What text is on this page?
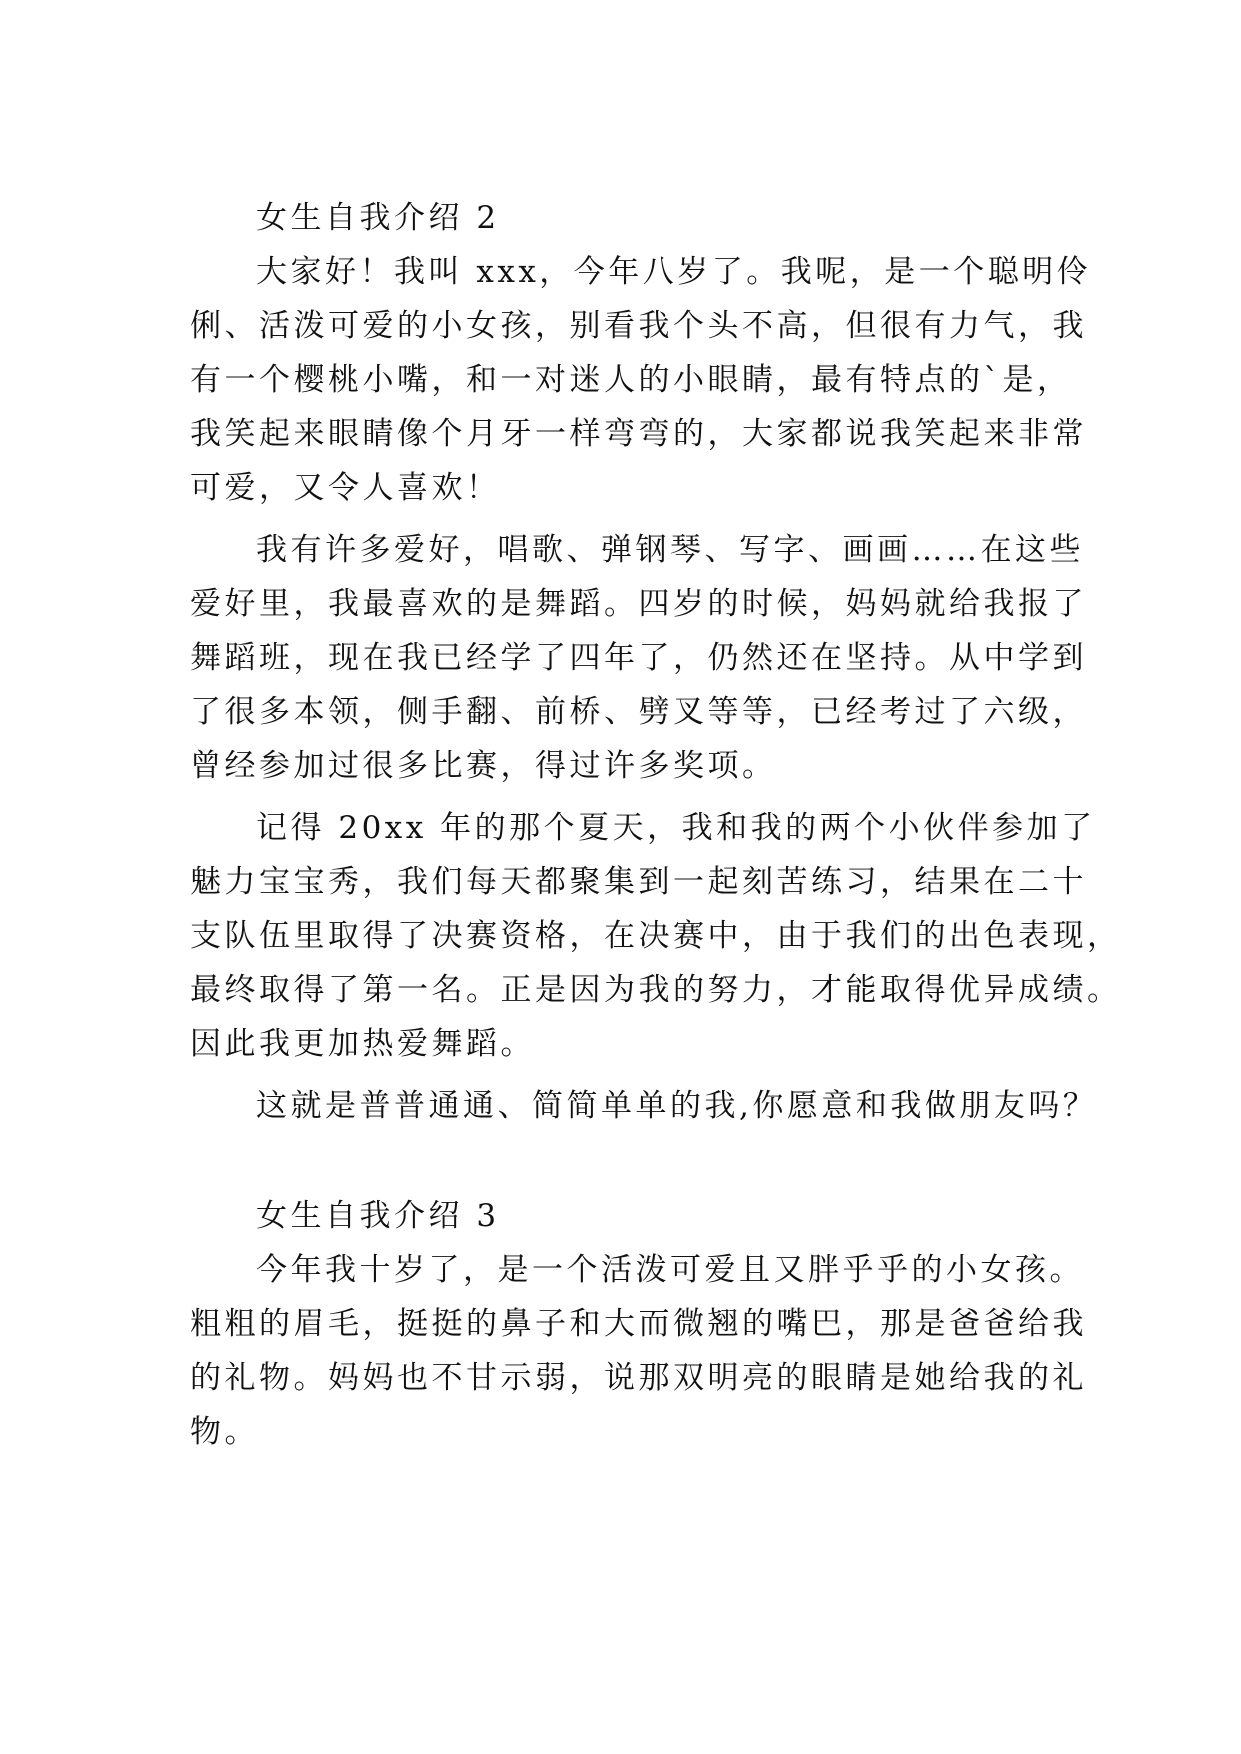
女生自我介绍 2
大家好！我叫 xxx，今年八岁了。我呢，是一个聪明伶
俐、活泼可爱的小女孩，别看我个头不高，但很有力气，我
有一个樱桃小嘴，和一对迷人的小眼睛，最有特点的`是，
我笑起来眼睛像个月牙一样弯弯的，大家都说我笑起来非常
可爱，又令人喜欢！
我有许多爱好，唱歌、弹钢琴、写字、画画……在这些
爱好里，我最喜欢的是舞蹈。四岁的时候，妈妈就给我报了
舞蹈班，现在我已经学了四年了，仍然还在坚持。从中学到
了很多本领，侧手翻、前桥、劈叉等等，已经考过了六级，
曾经参加过很多比赛，得过许多奖项。
记得 20xx 年的那个夏天，我和我的两个小伙伴参加了
魅力宝宝秀，我们每天都聚集到一起刻苦练习，结果在二十
支队伍里取得了决赛资格，在决赛中，由于我们的出色表现，
最终取得了第一名。正是因为我的努力，才能取得优异成绩。
因此我更加热爱舞蹈。
这就是普普通通、简简单单的我,你愿意和我做朋友吗？
女生自我介绍 3
今年我十岁了，是一个活泼可爱且又胖乎乎的小女孩。
粗粗的眉毛，挺挺的鼻子和大而微翘的嘴巴，那是爸爸给我
的礼物。妈妈也不甘示弱，说那双明亮的眼睛是她给我的礼
物。
